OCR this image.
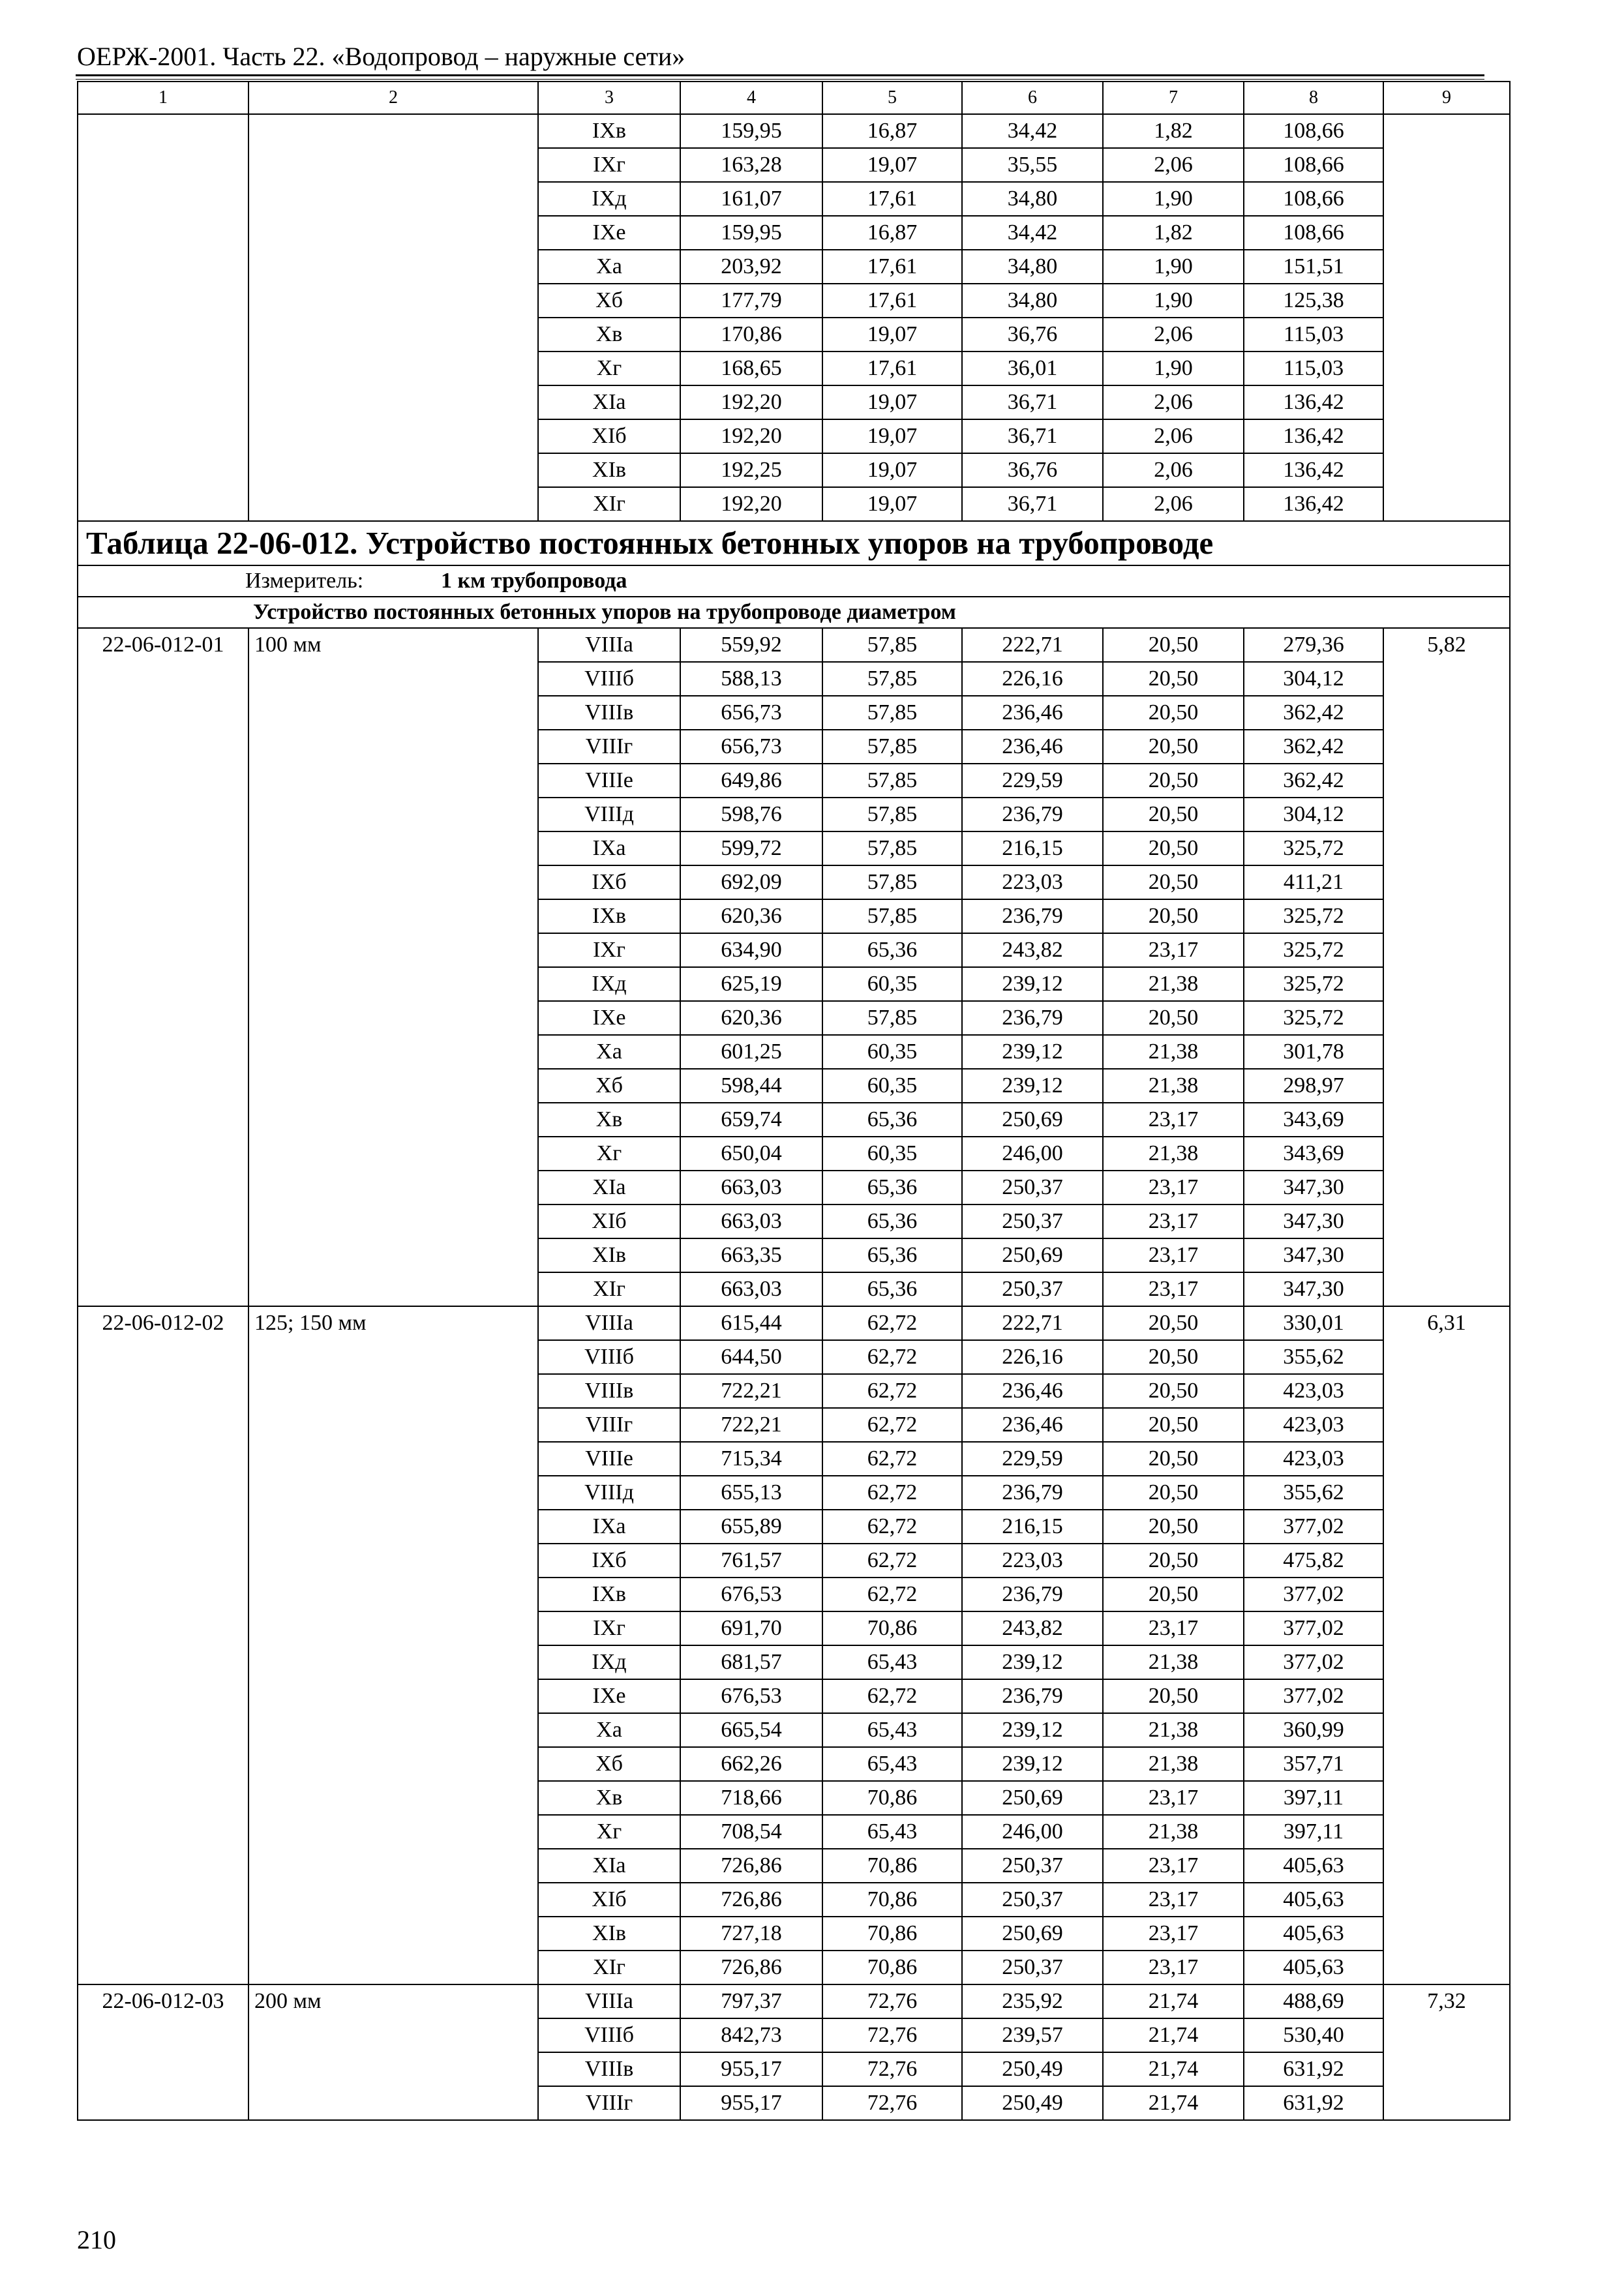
ОЕРЖ-2001. Часть 22. «Водопровод – наружные сети»
1	2	3	4	5	6	7	8	9
		IXв	159,95	16,87	34,42	1,82	108,66	
		IXг	163,28	19,07	35,55	2,06	108,66	
		IXд	161,07	17,61	34,80	1,90	108,66	
		IXе	159,95	16,87	34,42	1,82	108,66	
		Xа	203,92	17,61	34,80	1,90	151,51	
		Xб	177,79	17,61	34,80	1,90	125,38	
		Xв	170,86	19,07	36,76	2,06	115,03	
		Xг	168,65	17,61	36,01	1,90	115,03	
		XIа	192,20	19,07	36,71	2,06	136,42	
		XIб	192,20	19,07	36,71	2,06	136,42	
		XIв	192,25	19,07	36,76	2,06	136,42	
		XIг	192,20	19,07	36,71	2,06	136,42	
Таблица 22-06-012. Устройство постоянных бетонных упоров на трубопроводе								
Измеритель: 1 км трубопровода								
Устройство постоянных бетонных упоров на трубопроводе диаметром								
22-06-012-01	100 мм	VIIIа	559,92	57,85	222,71	20,50	279,36	5,82
		VIIIб	588,13	57,85	226,16	20,50	304,12	
		VIIIв	656,73	57,85	236,46	20,50	362,42	
		VIIIг	656,73	57,85	236,46	20,50	362,42	
		VIIIе	649,86	57,85	229,59	20,50	362,42	
		VIIIд	598,76	57,85	236,79	20,50	304,12	
		IXа	599,72	57,85	216,15	20,50	325,72	
		IXб	692,09	57,85	223,03	20,50	411,21	
		IXв	620,36	57,85	236,79	20,50	325,72	
		IXг	634,90	65,36	243,82	23,17	325,72	
		IXд	625,19	60,35	239,12	21,38	325,72	
		IXе	620,36	57,85	236,79	20,50	325,72	
		Xа	601,25	60,35	239,12	21,38	301,78	
		Xб	598,44	60,35	239,12	21,38	298,97	
		Xв	659,74	65,36	250,69	23,17	343,69	
		Xг	650,04	60,35	246,00	21,38	343,69	
		XIа	663,03	65,36	250,37	23,17	347,30	
		XIб	663,03	65,36	250,37	23,17	347,30	
		XIв	663,35	65,36	250,69	23,17	347,30	
		XIг	663,03	65,36	250,37	23,17	347,30	
22-06-012-02	125; 150 мм	VIIIа	615,44	62,72	222,71	20,50	330,01	6,31
		VIIIб	644,50	62,72	226,16	20,50	355,62	
		VIIIв	722,21	62,72	236,46	20,50	423,03	
		VIIIг	722,21	62,72	236,46	20,50	423,03	
		VIIIе	715,34	62,72	229,59	20,50	423,03	
		VIIIд	655,13	62,72	236,79	20,50	355,62	
		IXа	655,89	62,72	216,15	20,50	377,02	
		IXб	761,57	62,72	223,03	20,50	475,82	
		IXв	676,53	62,72	236,79	20,50	377,02	
		IXг	691,70	70,86	243,82	23,17	377,02	
		IXд	681,57	65,43	239,12	21,38	377,02	
		IXе	676,53	62,72	236,79	20,50	377,02	
		Xа	665,54	65,43	239,12	21,38	360,99	
		Xб	662,26	65,43	239,12	21,38	357,71	
		Xв	718,66	70,86	250,69	23,17	397,11	
		Xг	708,54	65,43	246,00	21,38	397,11	
		XIа	726,86	70,86	250,37	23,17	405,63	
		XIб	726,86	70,86	250,37	23,17	405,63	
		XIв	727,18	70,86	250,69	23,17	405,63	
		XIг	726,86	70,86	250,37	23,17	405,63	
22-06-012-03	200 мм	VIIIа	797,37	72,76	235,92	21,74	488,69	7,32
		VIIIб	842,73	72,76	239,57	21,74	530,40	
		VIIIв	955,17	72,76	250,49	21,74	631,92	
		VIIIг	955,17	72,76	250,49	21,74	631,92	
210
